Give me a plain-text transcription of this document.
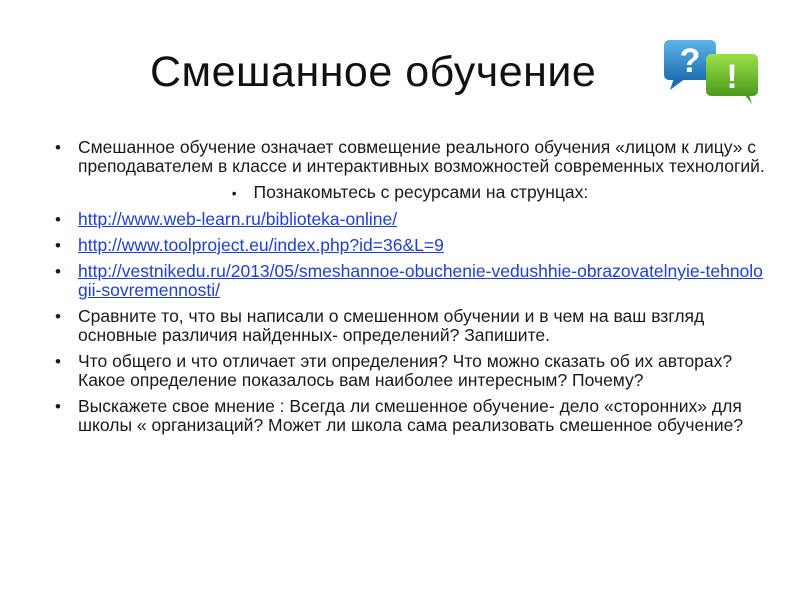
Смешанное обучение	? !
• Смешанное обучение означает совмещение реального обучения «лицом к лицу» с преподавателем в классе и интерактивных возможностей современных технологий.
• Познакомьтесь с ресурсами на струнцах:
• http://www.web-learn.ru/biblioteka-online/
• http://www.toolproject.eu/index.php?id=36&L=9
• http://vestnikedu.ru/2013/05/smeshannoe-obuchenie-vedushhie-obrazovatelnyie-tehnologii-sovremennosti/
• Сравните то, что вы написали о смешенном обучении и в чем на ваш взгляд основные различия найденных- определений? Запишите.
• Что общего и что отличает эти определения? Что можно сказать об их авторах? Какое определение показалось вам наиболее интересным? Почему?
• Выскажете свое мнение : Всегда ли смешенное обучение- дело «сторонних» для школы « организаций? Может ли школа сама реализовать смешенное обучение?
